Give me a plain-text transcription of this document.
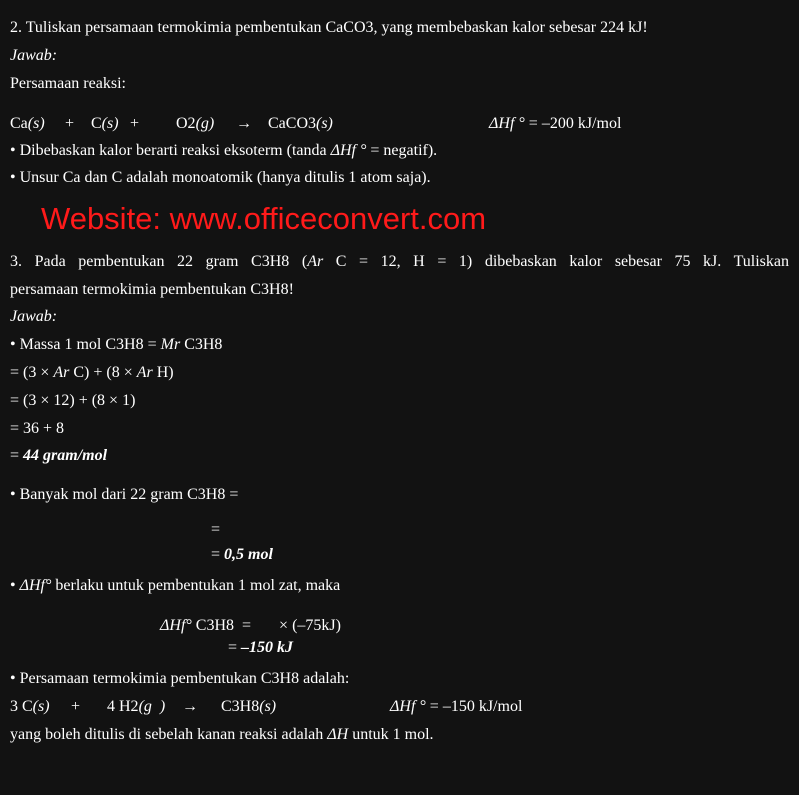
2. Tuliskan persamaan termokimia pembentukan CaCO3, yang membebaskan kalor sebesar 224 kJ!
Jawab:
Persamaan reaksi:
Ca(s) + C(s) + O2(g) → CaCO3(s)	ΔHf ° = –200 kJ/mol
• Dibebaskan kalor berarti reaksi eksoterm (tanda ΔHf ° = negatif).
• Unsur Ca dan C adalah monoatomik (hanya ditulis 1 atom saja).
Website: www.officeconvert.com
3. Pada pembentukan 22 gram C3H8 (Ar C = 12, H = 1) dibebaskan kalor sebesar 75 kJ. Tuliskan
persamaan termokimia pembentukan C3H8!
Jawab:
• Massa 1 mol C3H8 = Mr C3H8
= (3 × Ar C) + (8 × Ar H)
= (3 × 12) + (8 × 1)
= 36 + 8
= 44 gram/mol
• Banyak mol dari 22 gram C3H8 =
=
= 0,5 mol
• ΔHf° berlaku untuk pembentukan 1 mol zat, maka
ΔHf° C3H8  =       × (–75kJ)
= –150 kJ
• Persamaan termokimia pembentukan C3H8 adalah:
3 C(s) + 4 H2(g  ) → C3H8(s)	ΔHf ° = –150 kJ/mol
yang boleh ditulis di sebelah kanan reaksi adalah ΔH untuk 1 mol.
